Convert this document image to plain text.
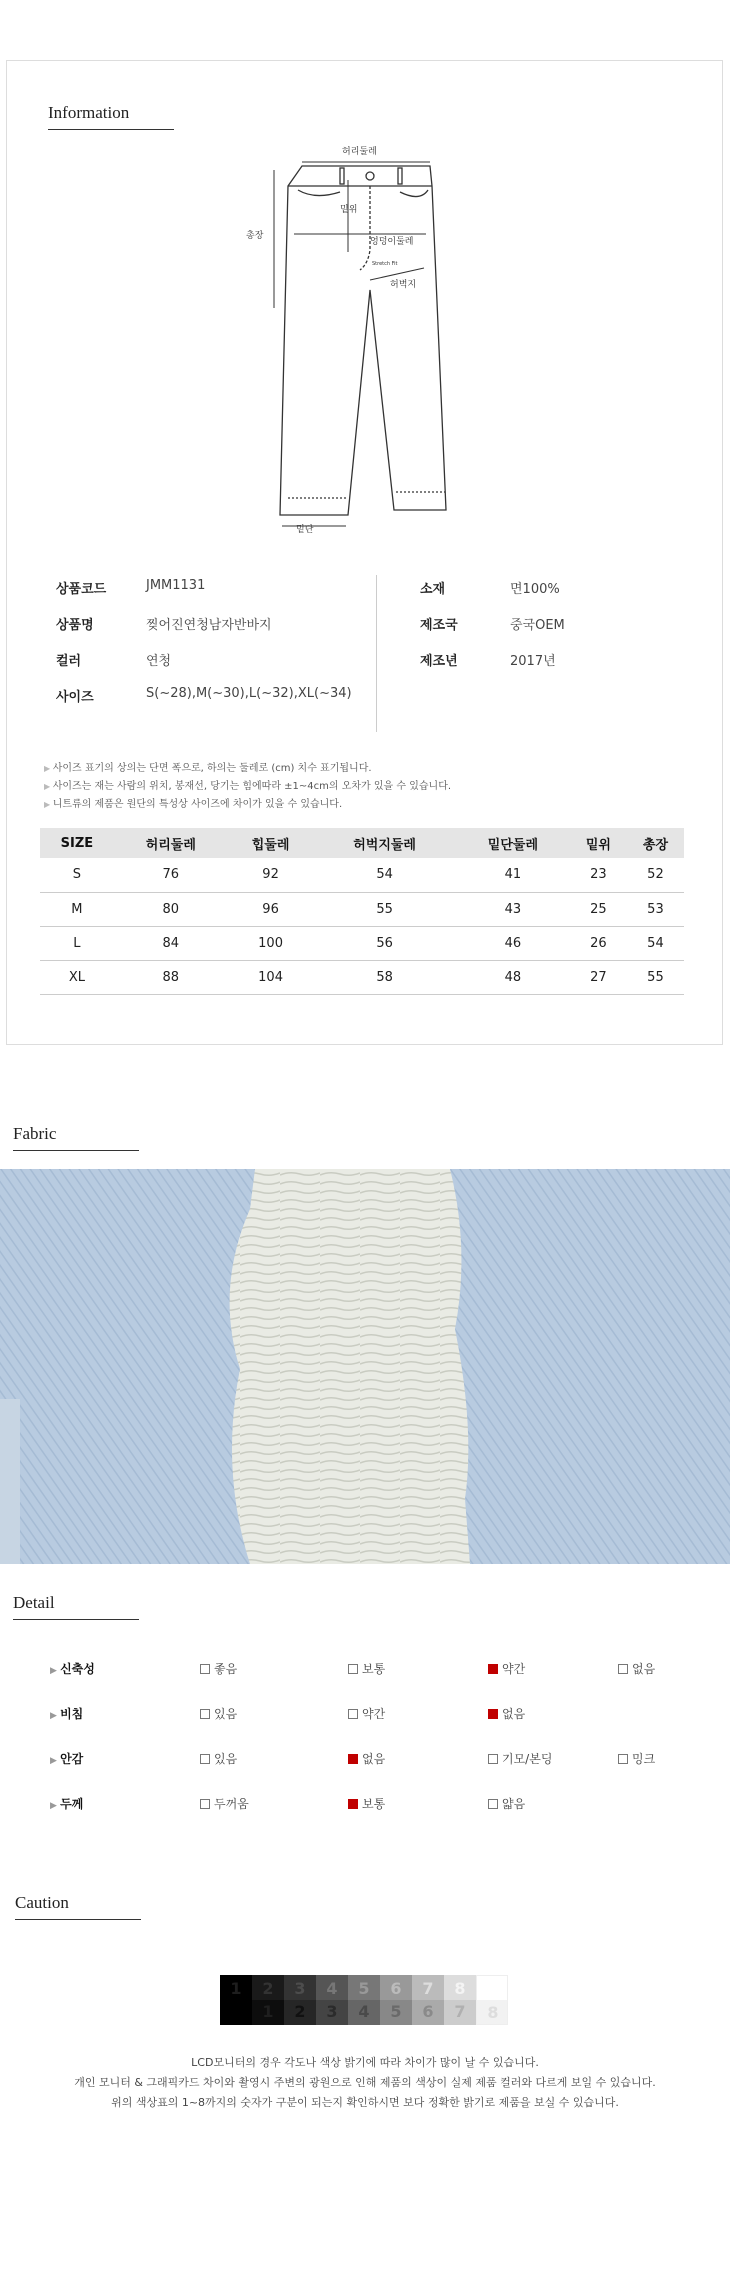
Information
허리둘레
총장
밑위
엉덩이둘레
허벅지
Stretch Fit
밑단
상품코드	JMM1131
상품명	찢어진연청남자반바지
컬러	연청
사이즈	S(~28),M(~30),L(~32),XL(~34)
소재	면100%
제조국	중국OEM
제조년	2017년
▶ 사이즈 표기의 상의는 단면 폭으로, 하의는 둘레로 (cm) 치수 표기됩니다.
▶ 사이즈는 재는 사람의 위치, 봉재선, 당기는 힘에따라 ±1~4cm의 오차가 있을 수 있습니다.
▶ 니트류의 제품은 원단의 특성상 사이즈에 차이가 있을 수 있습니다.
SIZE	허리둘레	힙둘레	허벅지둘레	밑단둘레	밑위	총장
S	76	92	54	41	23	52
M	80	96	55	43	25	53
L	84	100	56	46	26	54
XL	88	104	58	48	27	55
Fabric
Detail
▶ 신축성	좋음	보통	약간	없음
▶ 비침	있음	약간	없음
▶ 안감	있음	없음	기모/본딩	밍크
▶ 두께	두꺼움	보통	얇음
Caution
1	2
1
3
2
4
3
5
4
6
5
7
6
8
7	8
LCD모니터의 경우 각도나 색상 밝기에 따라 차이가 많이 날 수 있습니다.
개인 모니터 & 그래픽카드 차이와 촬영시 주변의 광원으로 인해 제품의 색상이 실제 제품 컬러와 다르게 보일 수 있습니다.
위의 색상표의 1~8까지의 숫자가 구분이 되는지 확인하시면 보다 정확한 밝기로 제품을 보실 수 있습니다.
